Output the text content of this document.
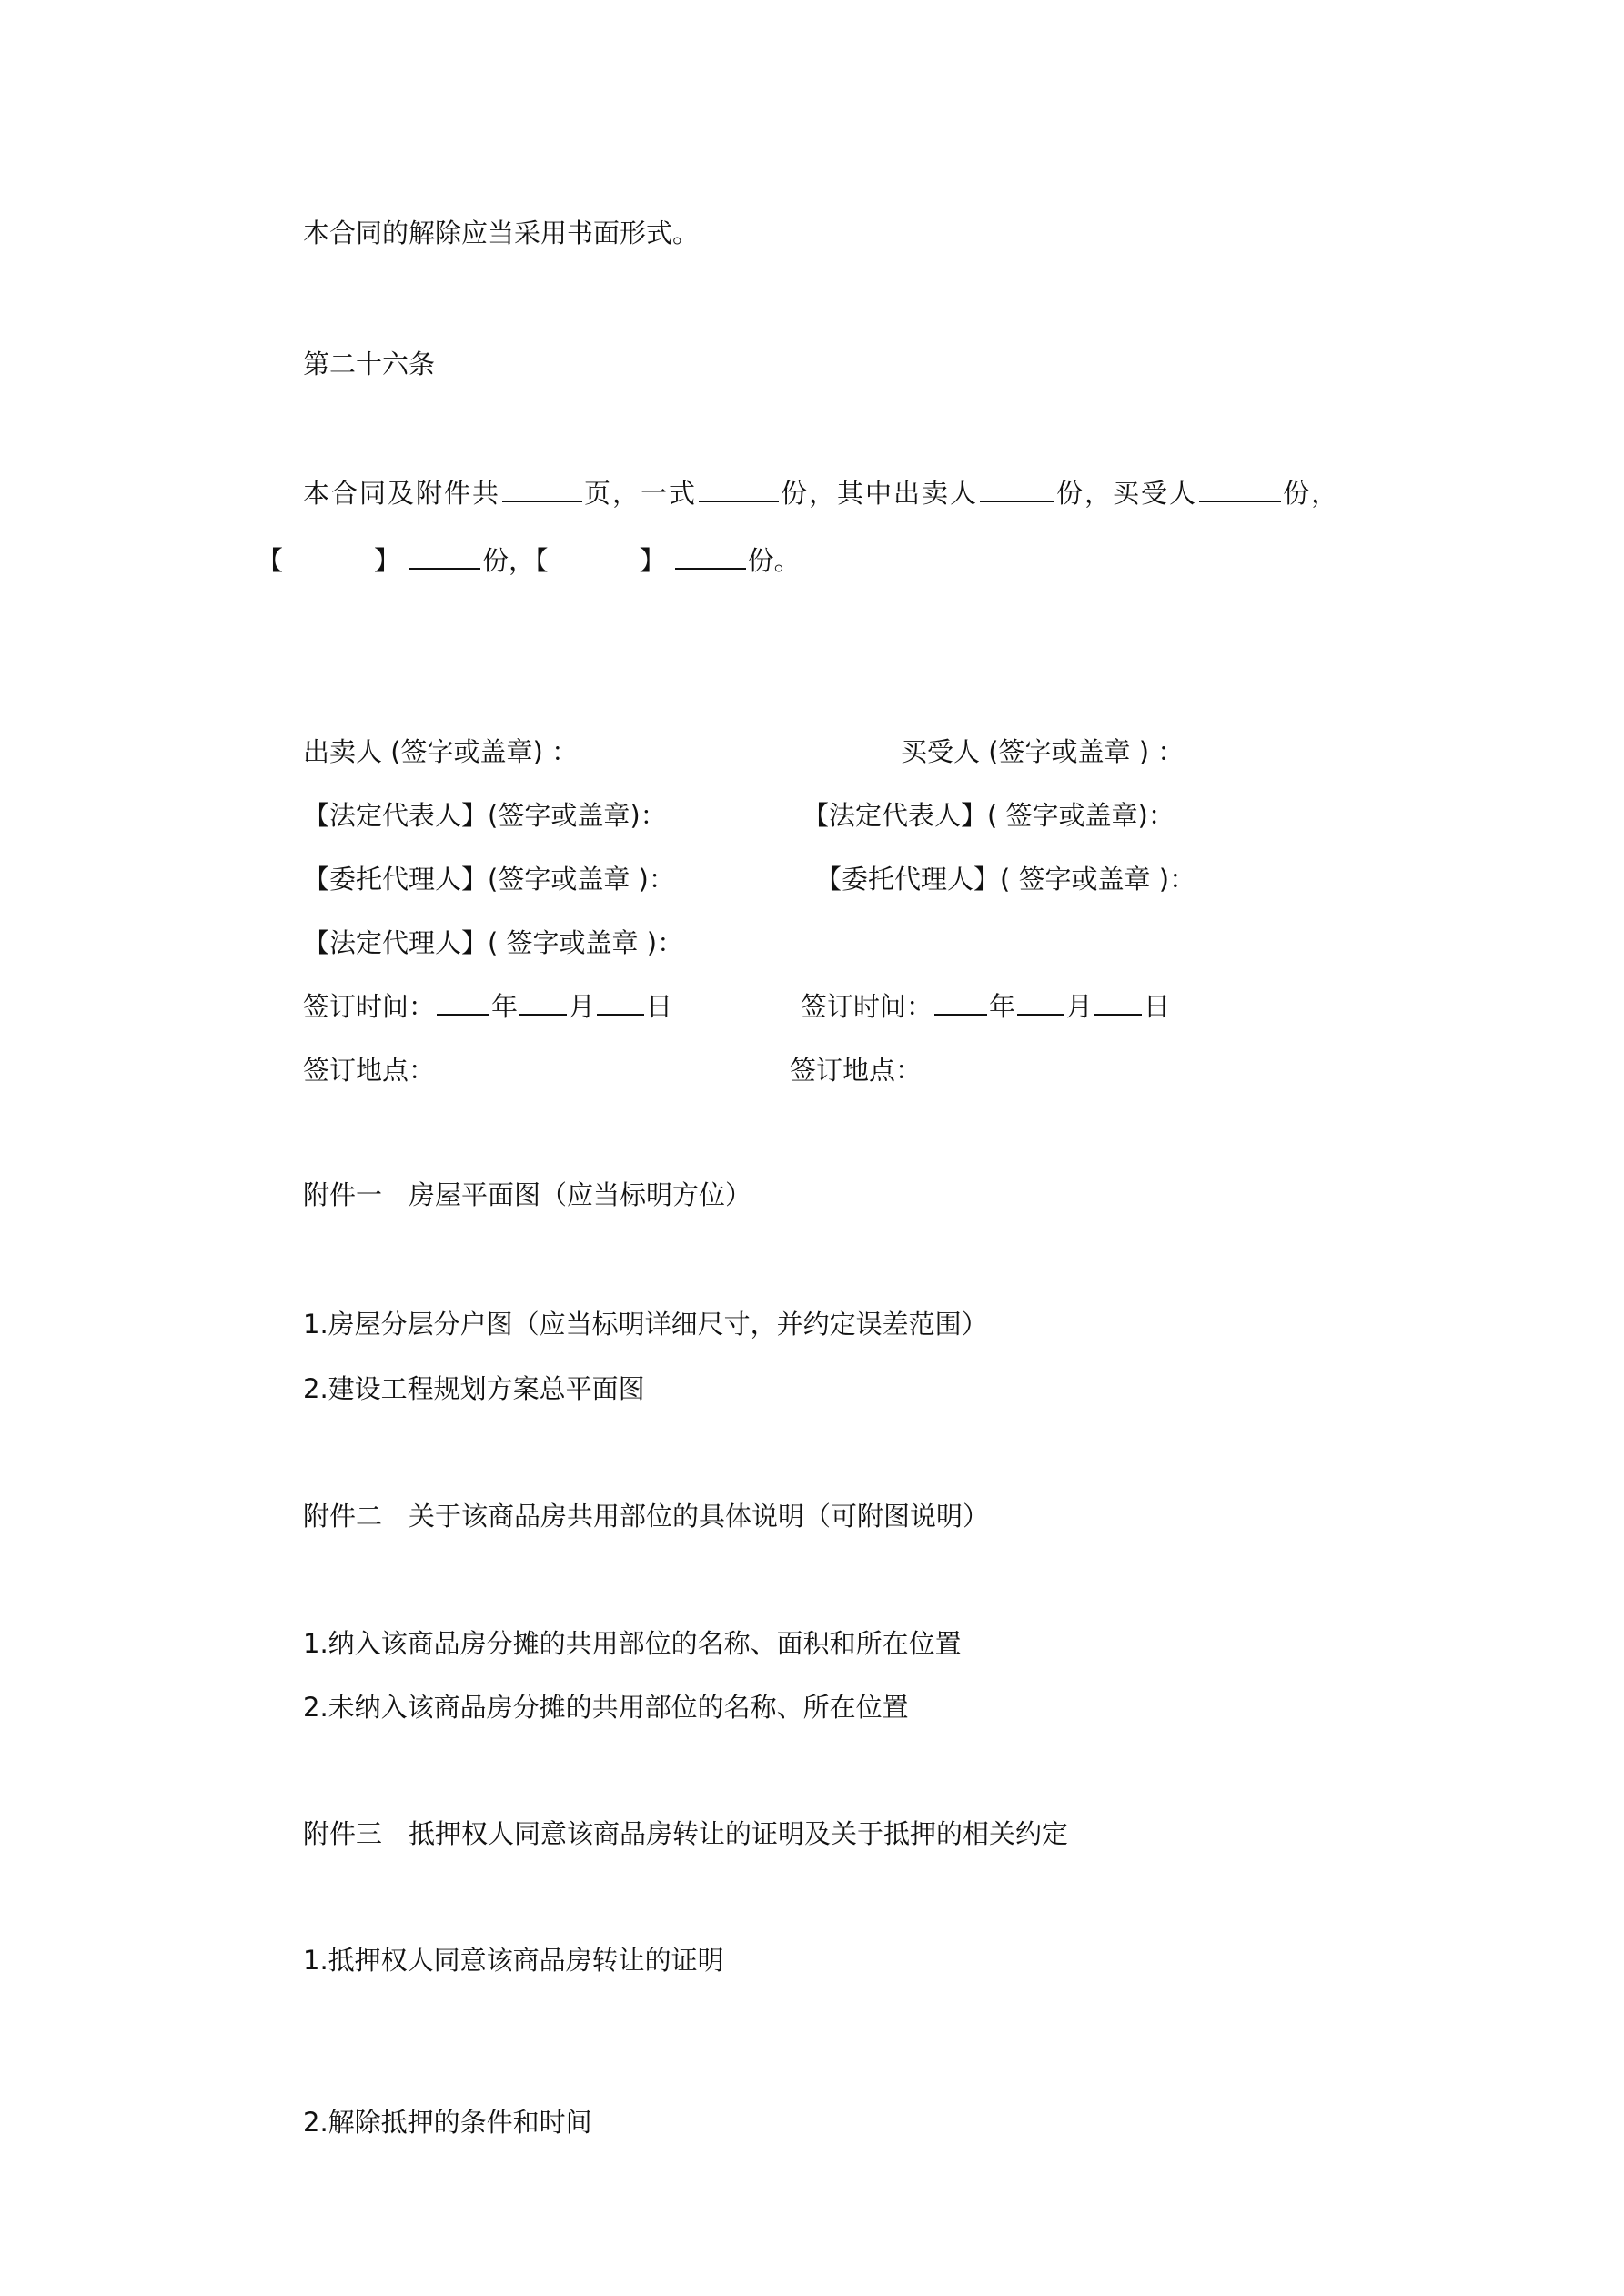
本合同的解除应当采用书面形式。
第二十六条
本合同及附件共	页，一式	份，其中出卖人	份，买受人	份，
【	】	份，【	】	份。
出卖人 (签字或盖章) ：	买受人 (签字或盖章 ) ：
【法定代表人】(签字或盖章)：	【法定代表人】( 签字或盖章)：
【委托代理人】(签字或盖章 )：	【委托代理人】( 签字或盖章 )：
【法定代理人】( 签字或盖章 )：
签订时间： 年 月 日	签订时间： 年 月 日
签订地点：	签订地点：
附件一　房屋平面图（应当标明方位）
1.房屋分层分户图（应当标明详细尺寸，并约定误差范围）
2.建设工程规划方案总平面图
附件二　关于该商品房共用部位的具体说明（可附图说明）
1.纳入该商品房分摊的共用部位的名称、面积和所在位置
2.未纳入该商品房分摊的共用部位的名称、所在位置
附件三　抵押权人同意该商品房转让的证明及关于抵押的相关约定
1.抵押权人同意该商品房转让的证明
2.解除抵押的条件和时间
